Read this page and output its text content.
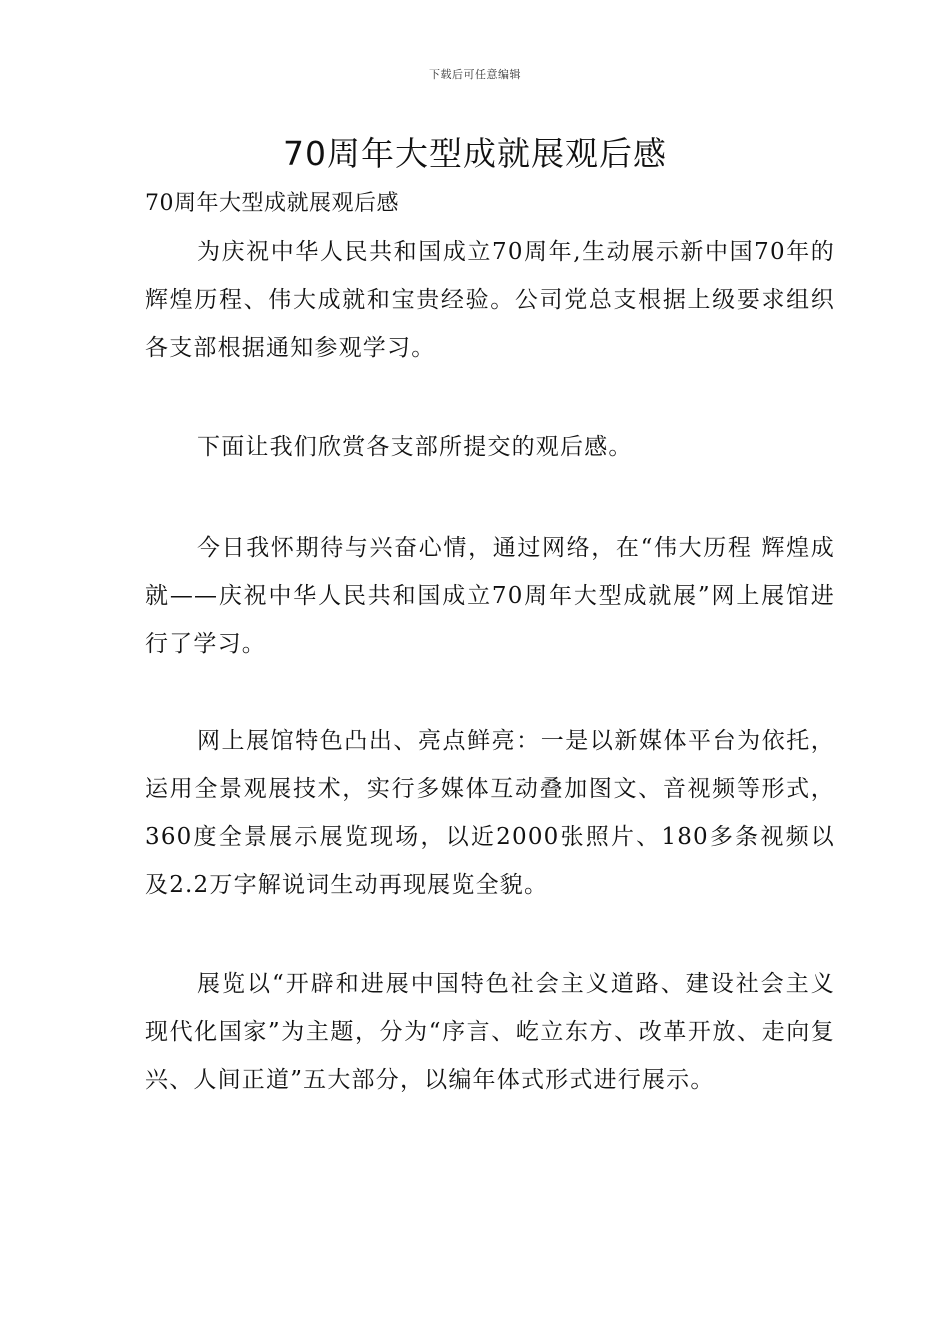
下载后可任意编辑
70周年大型成就展观后感
70周年大型成就展观后感

为庆祝中华人民共和国成立70周年,生动展示新中国70年的辉煌历程、伟大成就和宝贵经验。公司党总支根据上级要求组织各支部根据通知参观学习。

下面让我们欣赏各支部所提交的观后感。

今日我怀期待与兴奋心情，通过网络，在“伟大历程 辉煌成就——庆祝中华人民共和国成立70周年大型成就展”网上展馆进行了学习。

网上展馆特色凸出、亮点鲜亮：一是以新媒体平台为依托，运用全景观展技术，实行多媒体互动叠加图文、音视频等形式，360度全景展示展览现场，以近2000张照片、180多条视频以及2.2万字解说词生动再现展览全貌。

展览以“开辟和进展中国特色社会主义道路、建设社会主义现代化国家”为主题，分为“序言、屹立东方、改革开放、走向复兴、人间正道”五大部分，以编年体式形式进行展示。
